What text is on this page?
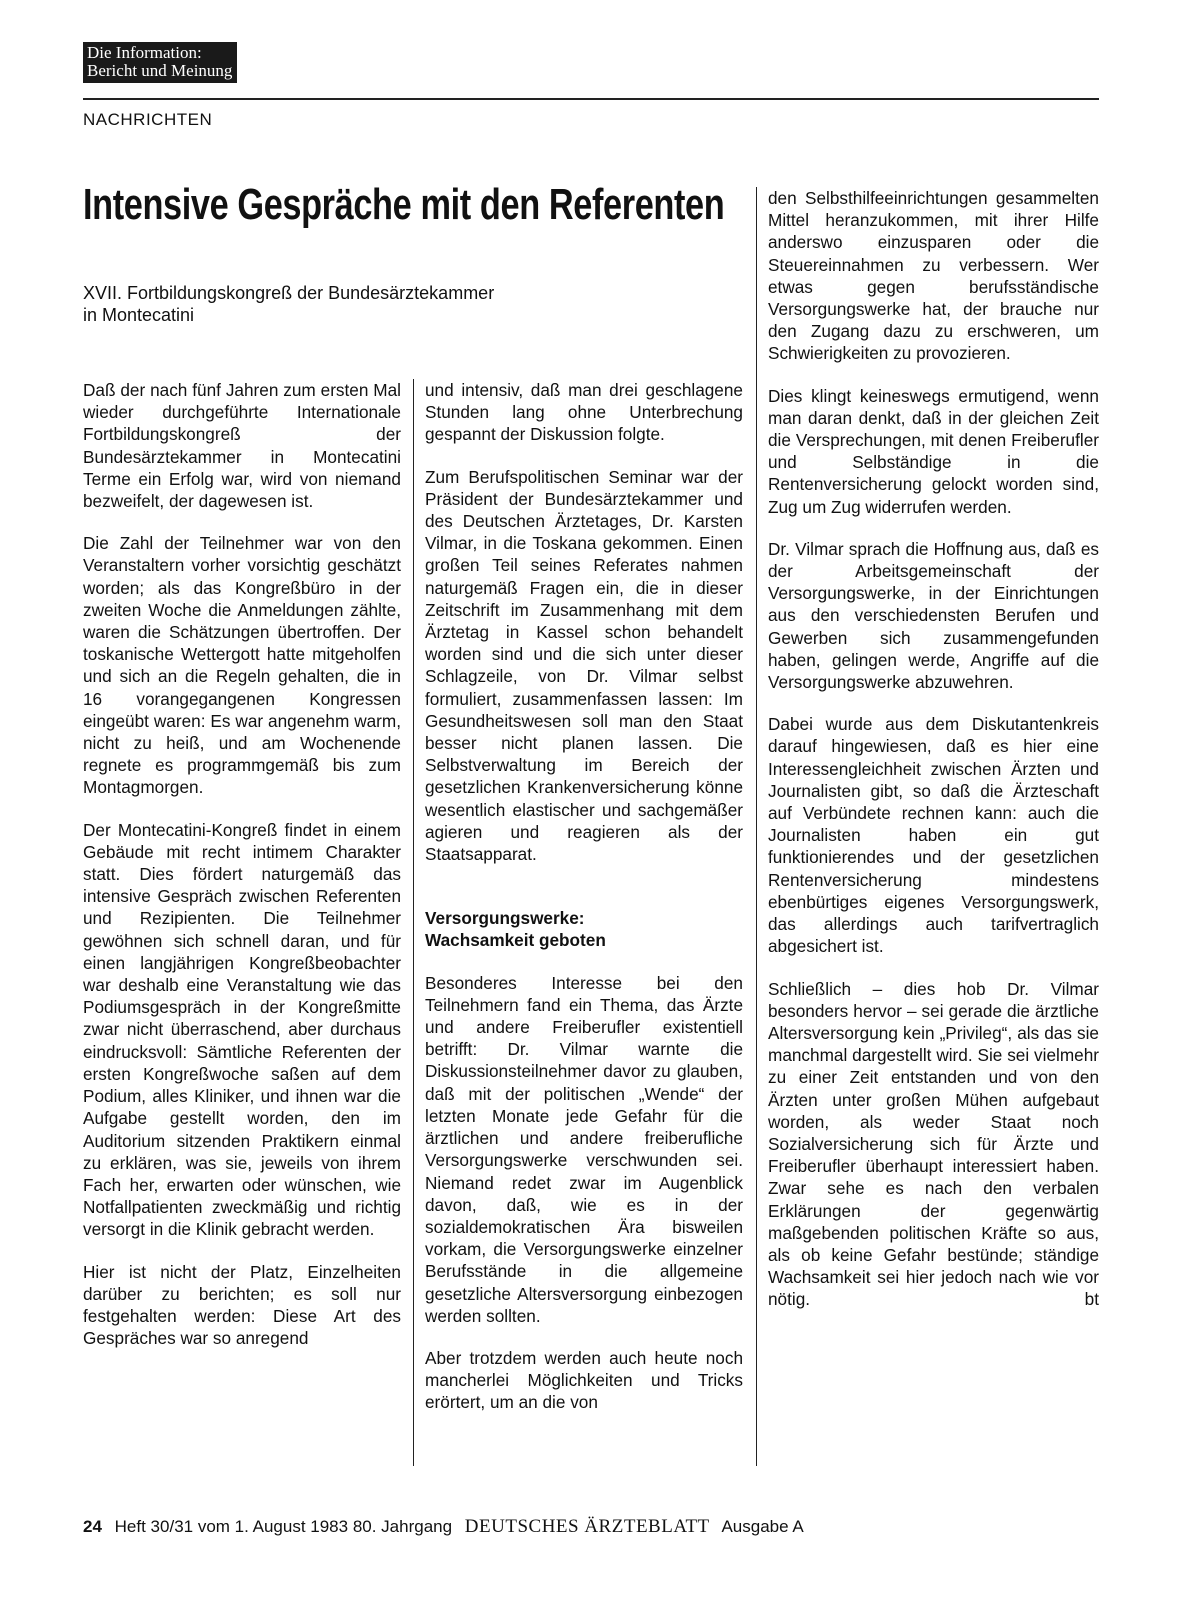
Die Information:
Bericht und Meinung
NACHRICHTEN
Intensive Gespräche mit den Referenten
XVII. Fortbildungskongreß der Bundesärztekammer
in Montecatini

Daß der nach fünf Jahren zum ersten Mal wieder durchgeführte Internationale Fortbildungskongreß der Bundesärztekammer in Montecatini Terme ein Erfolg war, wird von niemand bezweifelt, der dagewesen ist.

Die Zahl der Teilnehmer war von den Veranstaltern vorher vorsichtig geschätzt worden; als das Kongreßbüro in der zweiten Woche die Anmeldungen zählte, waren die Schätzungen übertroffen. Der toskanische Wettergott hatte mitgeholfen und sich an die Regeln gehalten, die in 16 vorangegangenen Kongressen eingeübt waren: Es war angenehm warm, nicht zu heiß, und am Wochenende regnete es programmgemäß bis zum Montagmorgen.

Der Montecatini-Kongreß findet in einem Gebäude mit recht intimem Charakter statt. Dies fördert naturgemäß das intensive Gespräch zwischen Referenten und Rezipienten. Die Teilnehmer gewöhnen sich schnell daran, und für einen langjährigen Kongreßbeobachter war deshalb eine Veranstaltung wie das Podiumsgespräch in der Kongreßmitte zwar nicht überraschend, aber durchaus eindrucksvoll: Sämtliche Referenten der ersten Kongreßwoche saßen auf dem Podium, alles Kliniker, und ihnen war die Aufgabe gestellt worden, den im Auditorium sitzenden Praktikern einmal zu erklären, was sie, jeweils von ihrem Fach her, erwarten oder wünschen, wie Notfallpatienten zweckmäßig und richtig versorgt in die Klinik gebracht werden.

Hier ist nicht der Platz, Einzelheiten darüber zu berichten; es soll nur festgehalten werden: Diese Art des Gespräches war so anregend

und intensiv, daß man drei geschlagene Stunden lang ohne Unterbrechung gespannt der Diskussion folgte.

Zum Berufspolitischen Seminar war der Präsident der Bundesärztekammer und des Deutschen Ärztetages, Dr. Karsten Vilmar, in die Toskana gekommen. Einen großen Teil seines Referates nahmen naturgemäß Fragen ein, die in dieser Zeitschrift im Zusammenhang mit dem Ärztetag in Kassel schon behandelt worden sind und die sich unter dieser Schlagzeile, von Dr. Vilmar selbst formuliert, zusammenfassen lassen: Im Gesundheitswesen soll man den Staat besser nicht planen lassen. Die Selbstverwaltung im Bereich der gesetzlichen Krankenversicherung könne wesentlich elastischer und sachgemäßer agieren und reagieren als der Staatsapparat.

Versorgungswerke:
Wachsamkeit geboten

Besonderes Interesse bei den Teilnehmern fand ein Thema, das Ärzte und andere Freiberufler existentiell betrifft: Dr. Vilmar warnte die Diskussionsteilnehmer davor zu glauben, daß mit der politischen „Wende“ der letzten Monate jede Gefahr für die ärztlichen und andere freiberufliche Versorgungswerke verschwunden sei. Niemand redet zwar im Augenblick davon, daß, wie es in der sozialdemokratischen Ära bisweilen vorkam, die Versorgungswerke einzelner Berufsstände in die allgemeine gesetzliche Altersversorgung einbezogen werden sollten.

Aber trotzdem werden auch heute noch mancherlei Möglichkeiten und Tricks erörtert, um an die von

den Selbsthilfeeinrichtungen gesammelten Mittel heranzukommen, mit ihrer Hilfe anderswo einzusparen oder die Steuereinnahmen zu verbessern. Wer etwas gegen berufsständische Versorgungswerke hat, der brauche nur den Zugang dazu zu erschweren, um Schwierigkeiten zu provozieren.

Dies klingt keineswegs ermutigend, wenn man daran denkt, daß in der gleichen Zeit die Versprechungen, mit denen Freiberufler und Selbständige in die Rentenversicherung gelockt worden sind, Zug um Zug widerrufen werden.

Dr. Vilmar sprach die Hoffnung aus, daß es der Arbeitsgemeinschaft der Versorgungswerke, in der Einrichtungen aus den verschiedensten Berufen und Gewerben sich zusammengefunden haben, gelingen werde, Angriffe auf die Versorgungswerke abzuwehren.

Dabei wurde aus dem Diskutantenkreis darauf hingewiesen, daß es hier eine Interessengleichheit zwischen Ärzten und Journalisten gibt, so daß die Ärzteschaft auf Verbündete rechnen kann: auch die Journalisten haben ein gut funktionierendes und der gesetzlichen Rentenversicherung mindestens ebenbürtiges eigenes Versorgungswerk, das allerdings auch tarifvertraglich abgesichert ist.

Schließlich – dies hob Dr. Vilmar besonders hervor – sei gerade die ärztliche Altersversorgung kein „Privileg“, als das sie manchmal dargestellt wird. Sie sei vielmehr zu einer Zeit entstanden und von den Ärzten unter großen Mühen aufgebaut worden, als weder Staat noch Sozialversicherung sich für Ärzte und Freiberufler überhaupt interessiert haben. Zwar sehe es nach den verbalen Erklärungen der gegenwärtig maßgebenden politischen Kräfte so aus, als ob keine Gefahr bestünde; ständige Wachsamkeit sei hier jedoch nach wie vor nötig.	bt

24 Heft 30/31 vom 1. August 1983 80. Jahrgang DEUTSCHES ÄRZTEBLATT Ausgabe A
